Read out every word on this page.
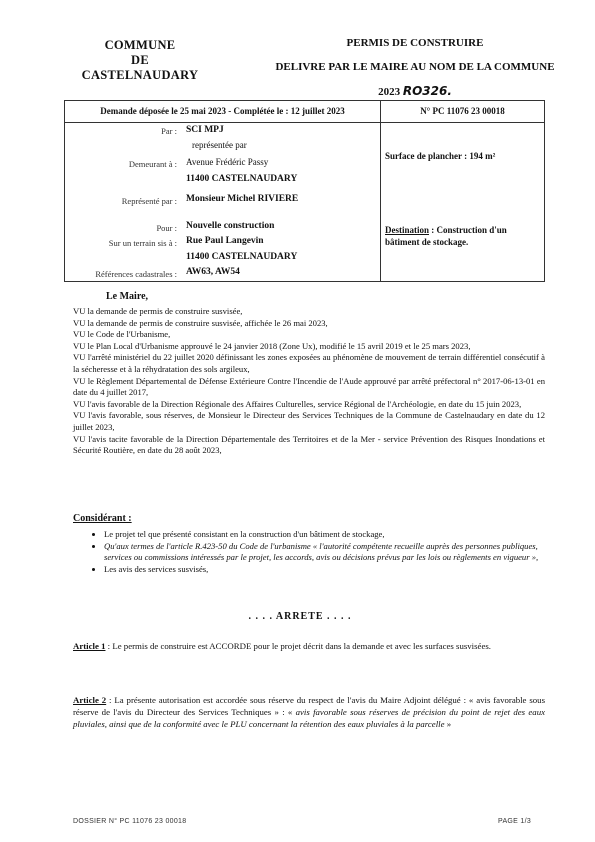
COMMUNE
DE
CASTELNAUDARY
PERMIS DE CONSTRUIRE
DELIVRE PAR LE MAIRE AU NOM DE LA COMMUNE
2023 RO326.
Demande déposée le 25 mai 2023 - Complétée le : 12 juillet 2023	N° PC 11076 23 00018
Par : SCI MPJ
représentée par
Demeurant à : Avenue Frédéric Passy
11400 CASTELNAUDARY
Représenté par : Monsieur Michel RIVIERE
Pour : Nouvelle construction
Sur un terrain sis à : Rue Paul Langevin
11400 CASTELNAUDARY
Références cadastrales : AW63, AW54
Surface de plancher : 194 m²
Destination : Construction d'un bâtiment de stockage.
Le Maire,

VU la demande de permis de construire susvisée,

VU la demande de permis de construire susvisée, affichée le 26 mai 2023,

VU le Code de l'Urbanisme,

VU le Plan Local d'Urbanisme approuvé le 24 janvier 2018 (Zone Ux), modifié le 15 avril 2019 et le 25 mars 2023,

VU l'arrêté ministériel du 22 juillet 2020 définissant les zones exposées au phénomène de mouvement de terrain différentiel consécutif à la sécheresse et à la réhydratation des sols argileux,

VU le Règlement Départemental de Défense Extérieure Contre l'Incendie de l'Aude approuvé par arrêté préfectoral n° 2017-06-13-01 en date du 4 juillet 2017,

VU l'avis favorable de la Direction Régionale des Affaires Culturelles, service Régional de l'Archéologie, en date du 15 juin 2023,

VU l'avis favorable, sous réserves, de Monsieur le Directeur des Services Techniques de la Commune de Castelnaudary en date du 12 juillet 2023,

VU l'avis tacite favorable de la Direction Départementale des Territoires et de la Mer - service Prévention des Risques Inondations et Sécurité Routière, en date du 28 août 2023,

Considérant :
• Le projet tel que présenté consistant en la construction d'un bâtiment de stockage,
• Qu'aux termes de l'article R.423-50 du Code de l'urbanisme « l'autorité compétente recueille auprès des personnes publiques, services ou commissions intéressés par le projet, les accords, avis ou décisions prévus par les lois ou règlements en vigueur »,
• Les avis des services susvisés,
. . . . ARRETE . . . .
Article 1 : Le permis de construire est ACCORDE pour le projet décrit dans la demande et avec les surfaces susvisées.
Article 2 : La présente autorisation est accordée sous réserve du respect de l'avis du Maire Adjoint délégué : « avis favorable sous réserve de l'avis du Directeur des Services Techniques » : « avis favorable sous réserves de précision du point de rejet des eaux pluviales, ainsi que de la conformité avec le PLU concernant la rétention des eaux pluviales à la parcelle »
DOSSIER N° PC 11076 23 00018	PAGE 1/3
